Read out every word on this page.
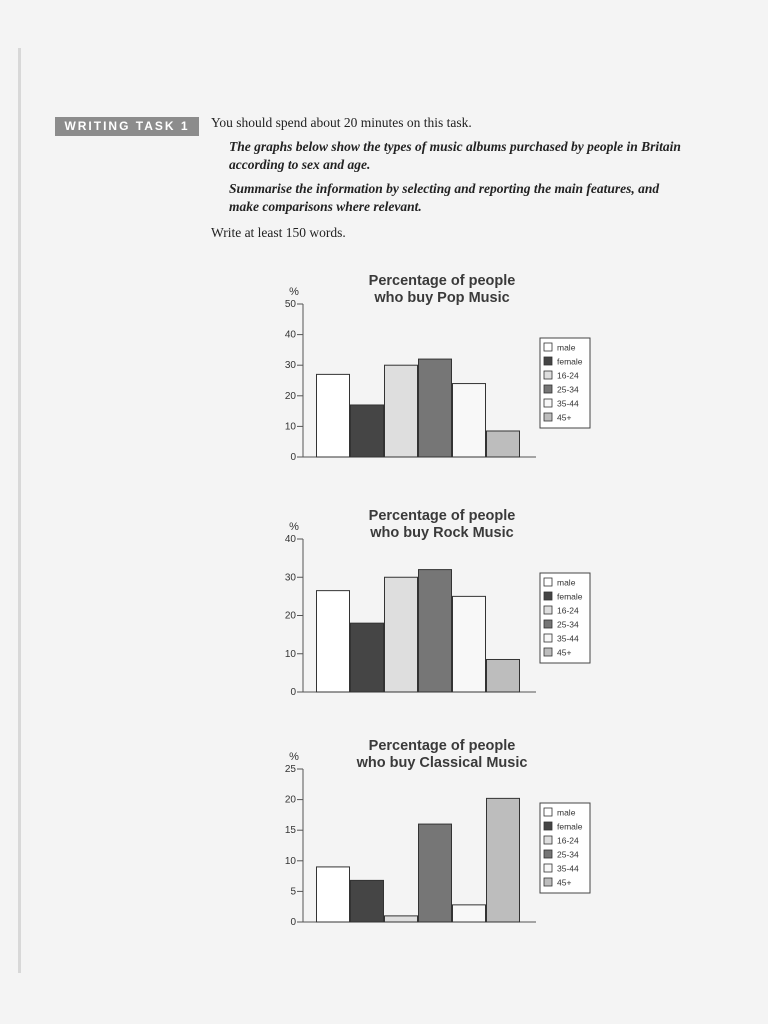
WRITING TASK 1	You should spend about 20 minutes on this task.

The graphs below show the types of music albums purchased by people in Britain according to sex and age.

Summarise the information by selecting and reporting the main features, and make comparisons where relevant.

Write at least 150 words.

Percentage of people
who buy Pop Music
%
0
10
20
30
40
50
male
female
16-24
25-34
35-44
45+
Percentage of people
who buy Rock Music
%
0
10
20
30
40
male
female
16-24
25-34
35-44
45+
Percentage of people
who buy Classical Music
%
0
5
10
15
20
25
male
female
16-24
25-34
35-44
45+
